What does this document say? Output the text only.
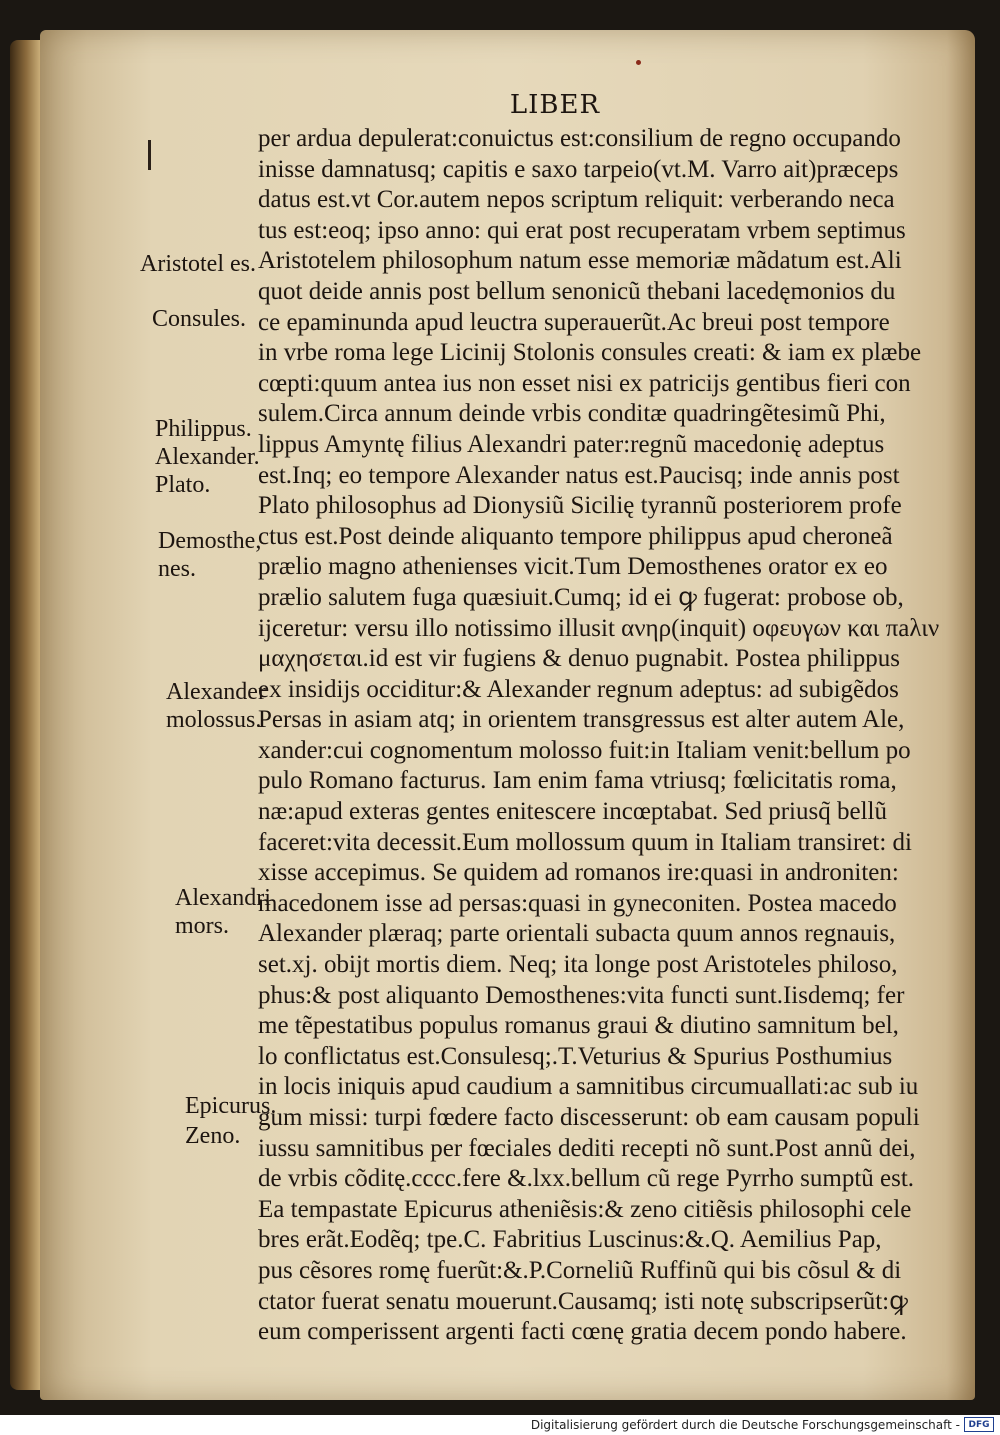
LIBER
per ardua depulerat:conuictus est:consilium de regno occupando
inisse damnatusq; capitis e saxo tarpeio(vt.M. Varro ait)præceps
datus est.vt Cor.autem nepos scriptum reliquit: verberando neca
tus est:eoq; ipso anno: qui erat post recuperatam vrbem septimus
Aristotelem philosophum natum esse memoriæ mãdatum est.Ali
quot deide annis post bellum senonicũ thebani lacedęmonios du
ce epaminunda apud leuctra superauerũt.Ac breui post tempore
in vrbe roma lege Licinij Stolonis consules creati: & iam ex plæbe
cœpti:quum antea ius non esset nisi ex patricijs gentibus fieri con
sulem.Circa annum deinde vrbis conditæ quadringẽtesimũ Phi,
lippus Amyntę filius Alexandri pater:regnũ macedonię adeptus
est.Inq; eo tempore Alexander natus est.Paucisq; inde annis post
Plato philosophus ad Dionysiũ Sicilię tyrannũ posteriorem profe
ctus est.Post deinde aliquanto tempore philippus apud cheroneã
prælio magno athenienses vicit.Tum Demosthenes orator ex eo
prælio salutem fuga quæsiuit.Cumq; id ei ꝙ fugerat: probose ob,
ijceretur: versu illo notissimo illusit ανηρ(inquit) οφευγων και πaλιν
μαχησεται.id est vir fugiens & denuo pugnabit. Postea philippus
ex insidijs occiditur:& Alexander regnum adeptus: ad subigẽdos
Persas in asiam atq; in orientem transgressus est alter autem Ale,
xander:cui cognomentum molosso fuit:in Italiam venit:bellum po
pulo Romano facturus. Iam enim fama vtriusq; fœlicitatis roma,
næ:apud exteras gentes enitescere incœptabat. Sed priusq̃ bellũ
faceret:vita decessit.Eum mollossum quum in Italiam transiret: di
xisse accepimus. Se quidem ad romanos ire:quasi in androniten:
macedonem isse ad persas:quasi in gyneconiten. Postea macedo
Alexander plæraq; parte orientali subacta quum annos regnauis,
set.xj. obijt mortis diem. Neq; ita longe post Aristoteles philoso,
phus:& post aliquanto Demosthenes:vita functi sunt.Iisdemq; fer
me tẽpestatibus populus romanus graui & diutino samnitum bel,
lo conflictatus est.Consulesq;.T.Veturius & Spurius Posthumius
in locis iniquis apud caudium a samnitibus circumuallati:ac sub iu
gum missi: turpi fœdere facto discesserunt: ob eam causam populi
iussu samnitibus per fœciales dediti recepti nõ sunt.Post annũ dei,
de vrbis cõditę.cccc.fere &.lxx.bellum cũ rege Pyrrho sumptũ est.
Ea tempastate Epicurus atheniẽsis:& zeno citiẽsis philosophi cele
bres erãt.Eodẽq; tpe.C. Fabritius Luscinus:&.Q. Aemilius Pap,
pus cẽsores romę fuerũt:&.P.Corneliũ Ruffinũ qui bis cõsul & di
ctator fuerat senatu mouerunt.Causamq; isti notę subscripserũt:ꝙ
eum comperissent argenti facti cœnę gratia decem pondo habere.
Aristotel es.
Consules.
Philippus.
Alexander.
Plato.
Demosthe,
nes.
Alexander
molossus.
Alexandri
mors.
Epicurus.
Zeno.
Digitalisierung gefördert durch die Deutsche Forschungsgemeinschaft - DFG
